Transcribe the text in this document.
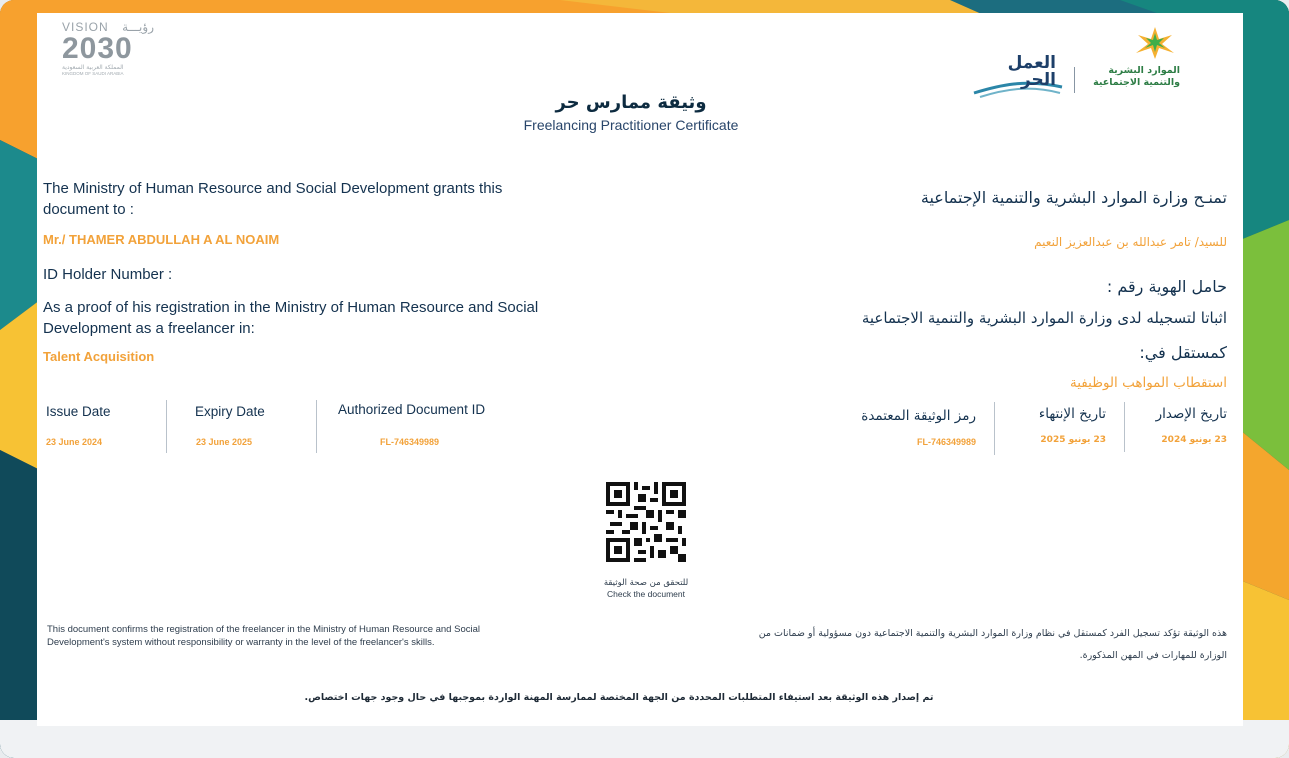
VISION رؤيـــة
2030
المملكة العربية السعودية
KINGDOM OF SAUDI ARABIA
العمل
الحر	الموارد البشرية
والتنمية الاجتماعية
وثيقة ممارس حر
Freelancing Practitioner Certificate
The Ministry of Human Resource and Social Development grants this document to :
Mr./ THAMER ABDULLAH A AL NOAIM
ID Holder Number :
As a proof of his registration in the Ministry of Human Resource and Social Development as a freelancer in:
Talent Acquisition
Issue Date
23 June 2024
Expiry Date
23 June 2025
Authorized Document ID
FL-746349989
تمنـح وزارة الموارد البشرية والتنمية الإجتماعية
للسيد/ تامر عبدالله بن عبدالعزيز النعيم
حامل الهوية رقم :
اثباتا لتسجيله لدى وزارة الموارد البشرية والتنمية الاجتماعية
كمستقل في:
استقطاب المواهب الوظيفية
تاريخ الإصدار
23 يونيو 2024
تاريخ الإنتهاء
23 يونيو 2025
رمز الوثيقة المعتمدة
FL-746349989
للتحقق من صحة الوثيقة
Check the document
This document confirms the registration of the freelancer in the Ministry of Human Resource and Social Development's system without responsibility or warranty in the level of the freelancer's skills.
هذه الوثيقة تؤكد تسجيل الفرد كمستقل في نظام وزارة الموارد البشرية والتنمية الاجتماعية دون مسؤولية أو ضمانات من
الوزارة للمهارات في المهن المذكورة.
تم إصدار هذه الوثيقة بعد استيفاء المتطلبات المحددة من الجهة المختصة لممارسة المهنة الواردة بموجبها في حال وجود جهات اختصاص.
